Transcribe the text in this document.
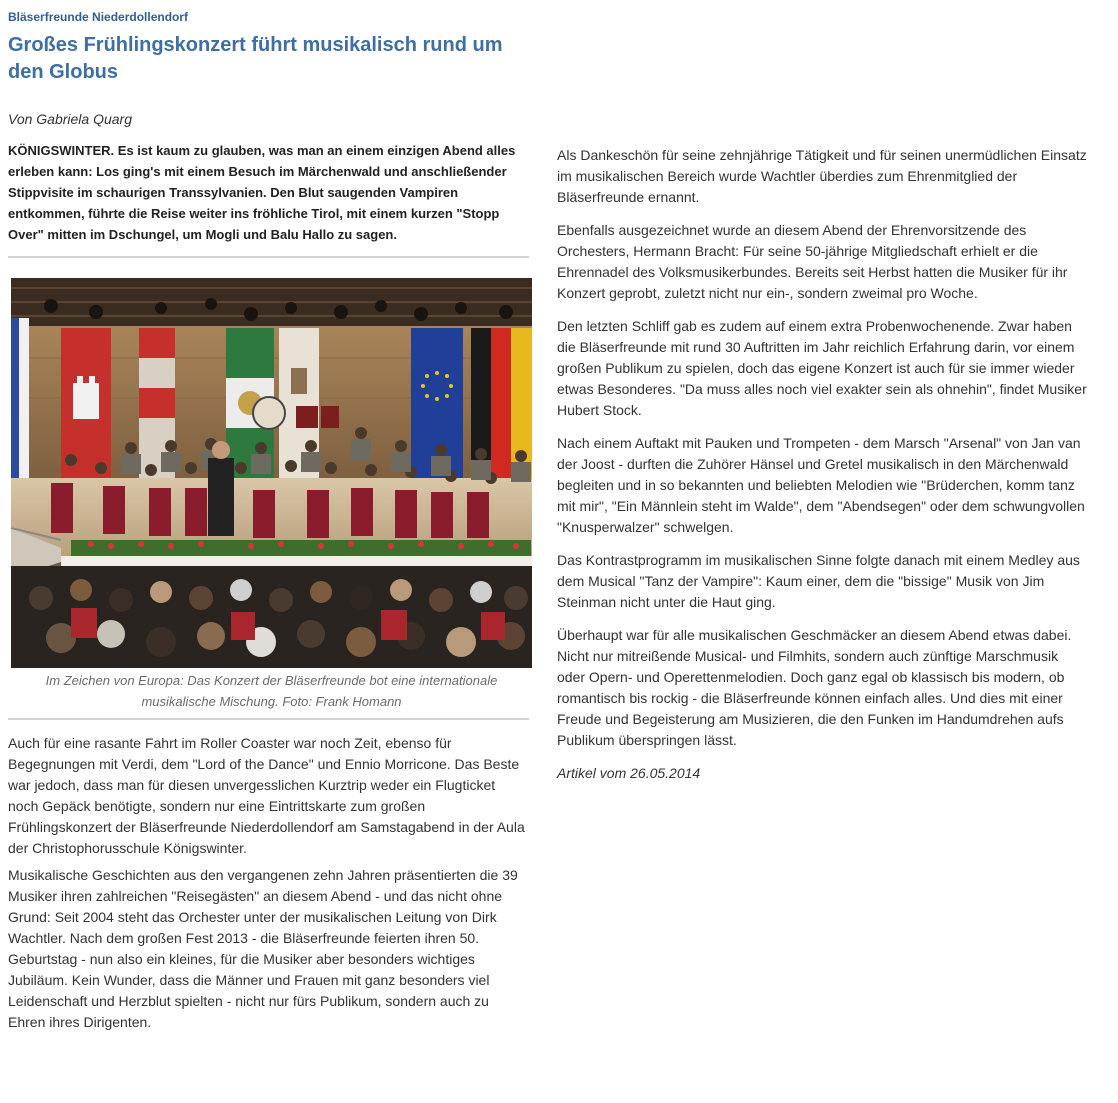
Bläserfreunde Niederdollendorf

Großes Frühlingskonzert führt musikalisch rund um den Globus

Von Gabriela Quarg

KÖNIGSWINTER. Es ist kaum zu glauben, was man an einem einzigen Abend alles erleben kann: Los ging's mit einem Besuch im Märchenwald und anschließender Stippvisite im schaurigen Transsylvanien. Den Blut saugenden Vampiren entkommen, führte die Reise weiter ins fröhliche Tirol, mit einem kurzen "Stopp Over" mitten im Dschungel, um Mogli und Balu Hallo zu sagen.

Im Zeichen von Europa: Das Konzert der Bläserfreunde bot eine internationale musikalische Mischung. Foto: Frank Homann

Auch für eine rasante Fahrt im Roller Coaster war noch Zeit, ebenso für Begegnungen mit Verdi, dem "Lord of the Dance" und Ennio Morricone. Das Beste war jedoch, dass man für diesen unvergesslichen Kurztrip weder ein Flugticket noch Gepäck benötigte, sondern nur eine Eintrittskarte zum großen Frühlingskonzert der Bläserfreunde Niederdollendorf am Samstagabend in der Aula der Christophorusschule Königswinter.

Musikalische Geschichten aus den vergangenen zehn Jahren präsentierten die 39 Musiker ihren zahlreichen "Reisegästen" an diesem Abend - und das nicht ohne Grund: Seit 2004 steht das Orchester unter der musikalischen Leitung von Dirk Wachtler. Nach dem großen Fest 2013 - die Bläserfreunde feierten ihren 50. Geburtstag - nun also ein kleines, für die Musiker aber besonders wichtiges Jubiläum. Kein Wunder, dass die Männer und Frauen mit ganz besonders viel Leidenschaft und Herzblut spielten - nicht nur fürs Publikum, sondern auch zu Ehren ihres Dirigenten.

Als Dankeschön für seine zehnjährige Tätigkeit und für seinen unermüdlichen Einsatz im musikalischen Bereich wurde Wachtler überdies zum Ehrenmitglied der Bläserfreunde ernannt.

Ebenfalls ausgezeichnet wurde an diesem Abend der Ehrenvorsitzende des Orchesters, Hermann Bracht: Für seine 50-jährige Mitgliedschaft erhielt er die Ehrennadel des Volksmusikerbundes. Bereits seit Herbst hatten die Musiker für ihr Konzert geprobt, zuletzt nicht nur ein-, sondern zweimal pro Woche.

Den letzten Schliff gab es zudem auf einem extra Probenwochenende. Zwar haben die Bläserfreunde mit rund 30 Auftritten im Jahr reichlich Erfahrung darin, vor einem großen Publikum zu spielen, doch das eigene Konzert ist auch für sie immer wieder etwas Besonderes. "Da muss alles noch viel exakter sein als ohnehin", findet Musiker Hubert Stock.

Nach einem Auftakt mit Pauken und Trompeten - dem Marsch "Arsenal" von Jan van der Joost - durften die Zuhörer Hänsel und Gretel musikalisch in den Märchenwald begleiten und in so bekannten und beliebten Melodien wie "Brüderchen, komm tanz mit mir", "Ein Männlein steht im Walde", dem "Abendsegen" oder dem schwungvollen "Knusperwalzer" schwelgen.

Das Kontrastprogramm im musikalischen Sinne folgte danach mit einem Medley aus dem Musical "Tanz der Vampire": Kaum einer, dem die "bissige" Musik von Jim Steinman nicht unter die Haut ging.

Überhaupt war für alle musikalischen Geschmäcker an diesem Abend etwas dabei. Nicht nur mitreißende Musical- und Filmhits, sondern auch zünftige Marschmusik oder Opern- und Operettenmelodien. Doch ganz egal ob klassisch bis modern, ob romantisch bis rockig - die Bläserfreunde können einfach alles. Und dies mit einer Freude und Begeisterung am Musizieren, die den Funken im Handumdrehen aufs Publikum überspringen lässt.

Artikel vom 26.05.2014
